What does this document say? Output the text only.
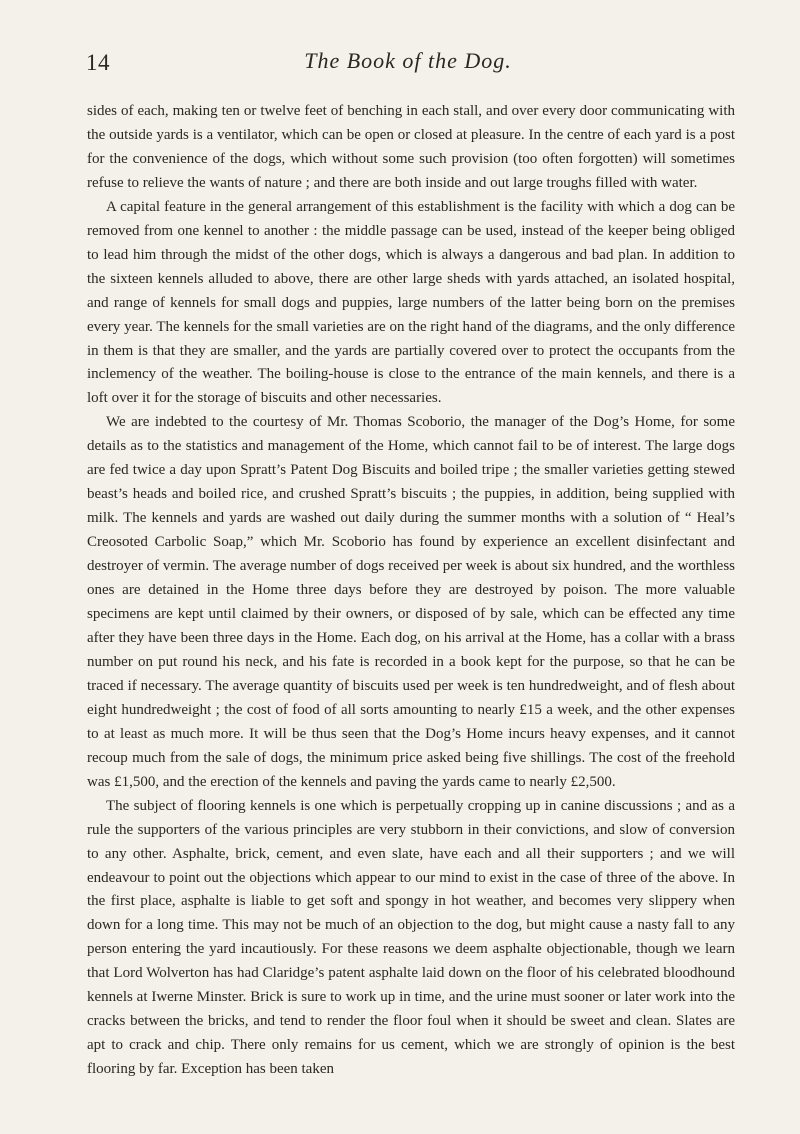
14	The Book of the Dog.

sides of each, making ten or twelve feet of benching in each stall, and over every door communicating with the outside yards is a ventilator, which can be open or closed at pleasure. In the centre of each yard is a post for the convenience of the dogs, which without some such provision (too often forgotten) will sometimes refuse to relieve the wants of nature ; and there are both inside and out large troughs filled with water.

A capital feature in the general arrangement of this establishment is the facility with which a dog can be removed from one kennel to another : the middle passage can be used, instead of the keeper being obliged to lead him through the midst of the other dogs, which is always a dangerous and bad plan. In addition to the sixteen kennels alluded to above, there are other large sheds with yards attached, an isolated hospital, and range of kennels for small dogs and puppies, large numbers of the latter being born on the premises every year. The kennels for the small varieties are on the right hand of the diagrams, and the only difference in them is that they are smaller, and the yards are partially covered over to protect the occupants from the inclemency of the weather. The boiling-house is close to the entrance of the main kennels, and there is a loft over it for the storage of biscuits and other necessaries.

We are indebted to the courtesy of Mr. Thomas Scoborio, the manager of the Dog’s Home, for some details as to the statistics and management of the Home, which cannot fail to be of interest. The large dogs are fed twice a day upon Spratt’s Patent Dog Biscuits and boiled tripe ; the smaller varieties getting stewed beast’s heads and boiled rice, and crushed Spratt’s biscuits ; the puppies, in addition, being supplied with milk. The kennels and yards are washed out daily during the summer months with a solution of “ Heal’s Creosoted Carbolic Soap,” which Mr. Scoborio has found by experience an excellent disinfectant and destroyer of vermin. The average number of dogs received per week is about six hundred, and the worthless ones are detained in the Home three days before they are destroyed by poison. The more valuable specimens are kept until claimed by their owners, or disposed of by sale, which can be effected any time after they have been three days in the Home. Each dog, on his arrival at the Home, has a collar with a brass number on put round his neck, and his fate is recorded in a book kept for the purpose, so that he can be traced if necessary. The average quantity of biscuits used per week is ten hundredweight, and of flesh about eight hundredweight ; the cost of food of all sorts amounting to nearly £15 a week, and the other expenses to at least as much more. It will be thus seen that the Dog’s Home incurs heavy expenses, and it cannot recoup much from the sale of dogs, the minimum price asked being five shillings. The cost of the freehold was £1,500, and the erection of the kennels and paving the yards came to nearly £2,500.

The subject of flooring kennels is one which is perpetually cropping up in canine discussions ; and as a rule the supporters of the various principles are very stubborn in their convictions, and slow of conversion to any other. Asphalte, brick, cement, and even slate, have each and all their supporters ; and we will endeavour to point out the objections which appear to our mind to exist in the case of three of the above. In the first place, asphalte is liable to get soft and spongy in hot weather, and becomes very slippery when down for a long time. This may not be much of an objection to the dog, but might cause a nasty fall to any person entering the yard incautiously. For these reasons we deem asphalte objectionable, though we learn that Lord Wolverton has had Claridge’s patent asphalte laid down on the floor of his celebrated bloodhound kennels at Iwerne Minster. Brick is sure to work up in time, and the urine must sooner or later work into the cracks between the bricks, and tend to render the floor foul when it should be sweet and clean. Slates are apt to crack and chip. There only remains for us cement, which we are strongly of opinion is the best flooring by far. Exception has been taken
